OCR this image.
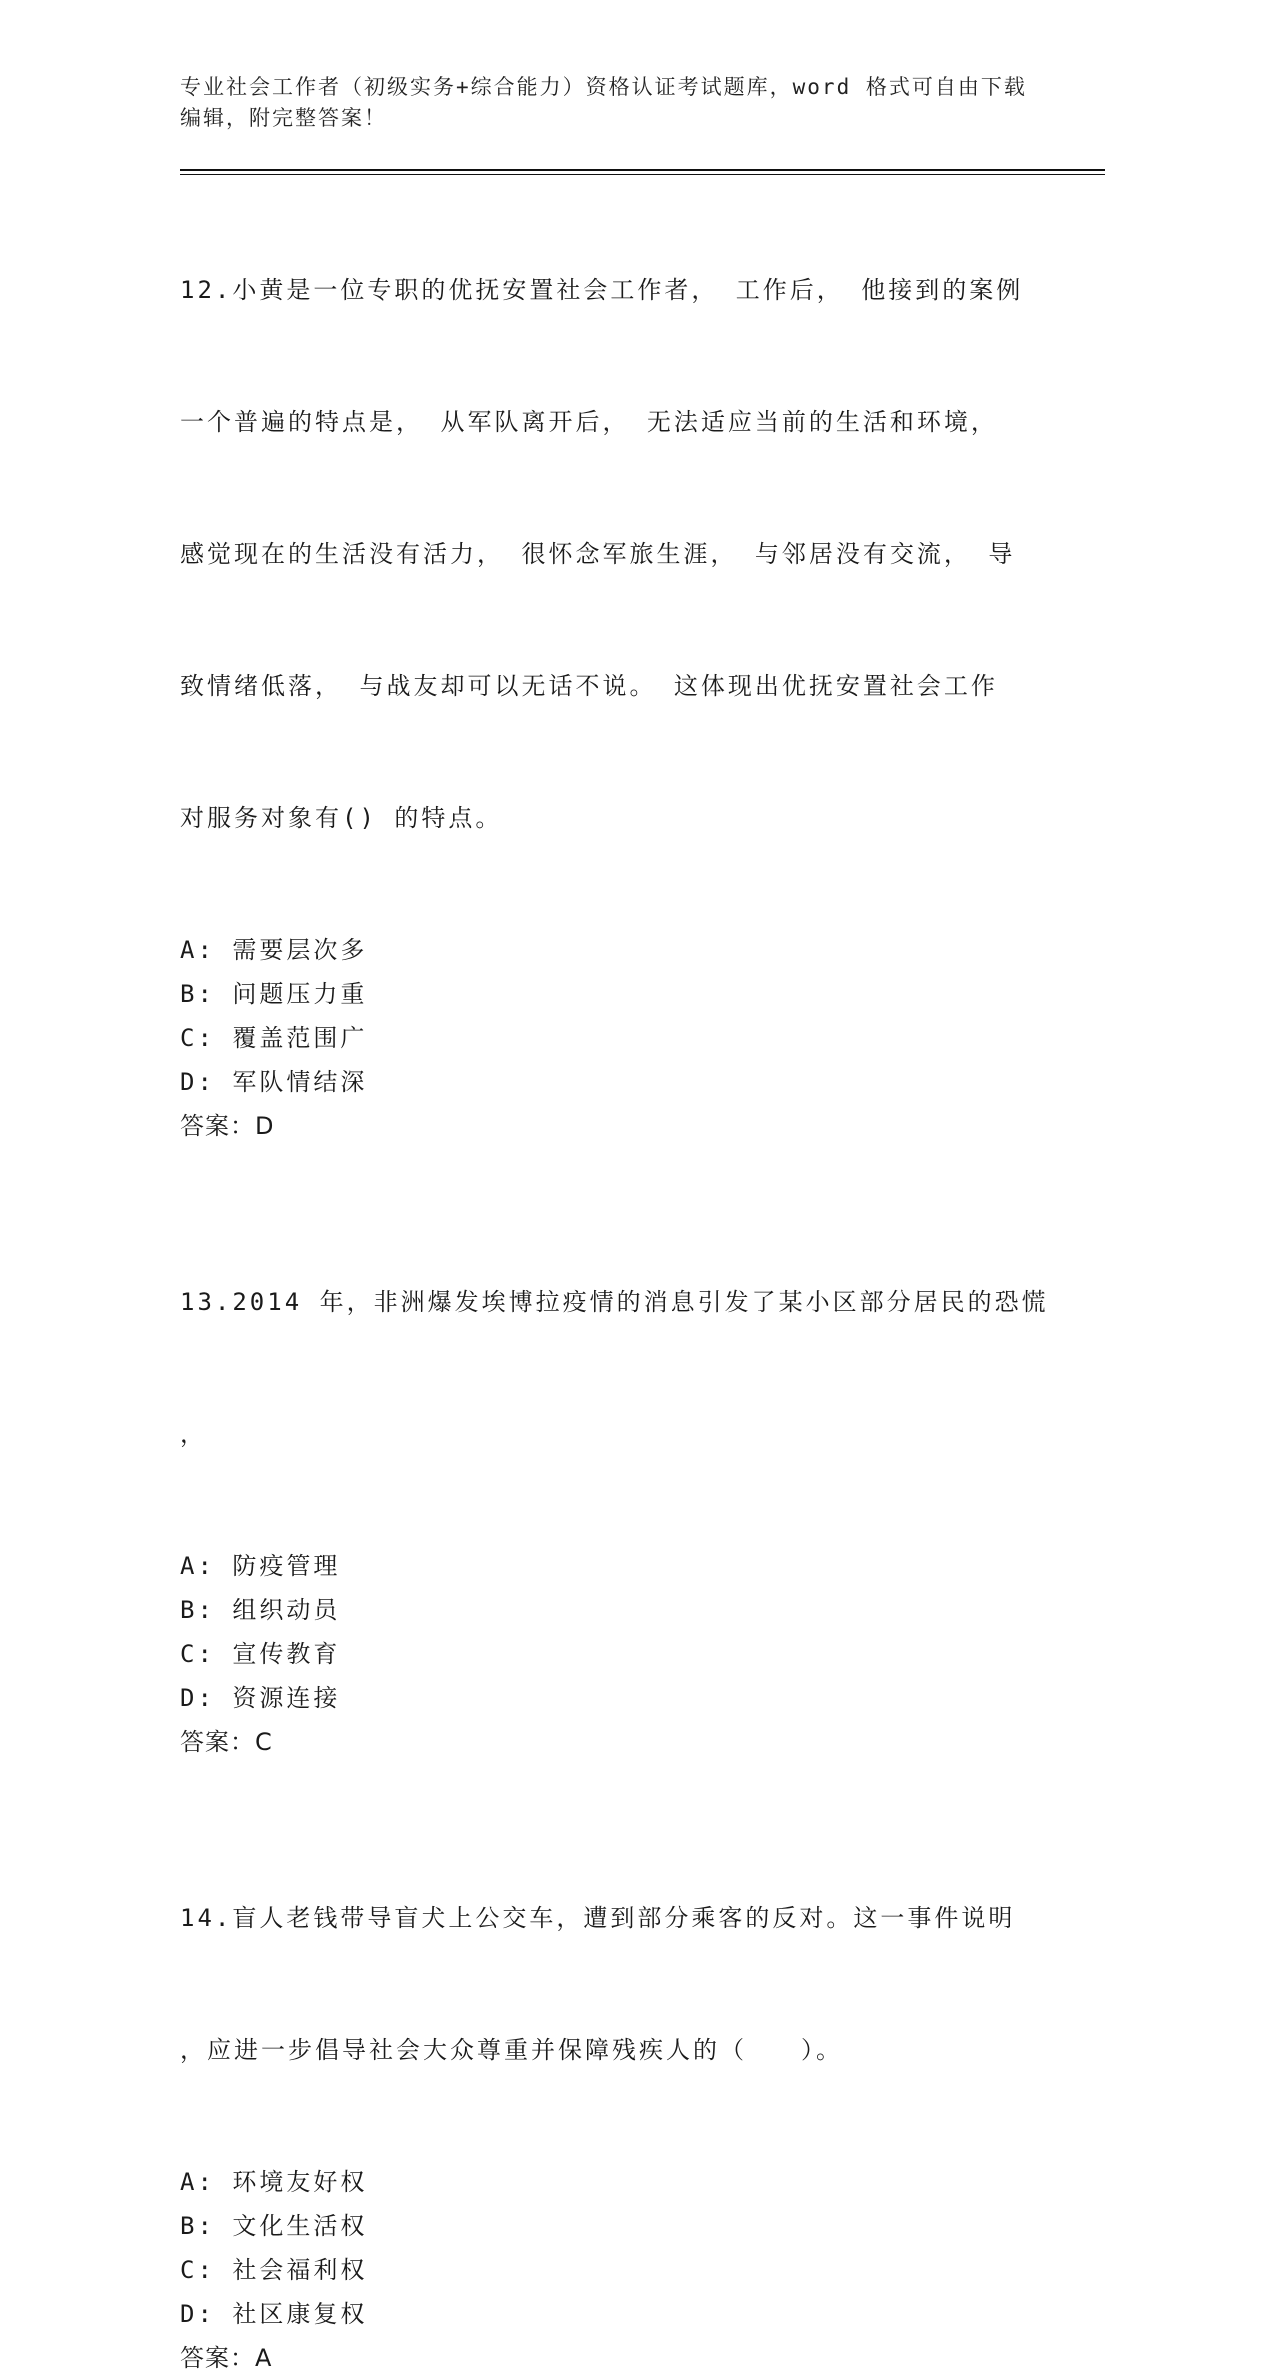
专业社会工作者（初级实务+综合能力）资格认证考试题库，word 格式可自由下载
编辑，附完整答案！

12.小黄是一位专职的优抚安置社会工作者， 工作后， 他接到的案例

一个普遍的特点是， 从军队离开后， 无法适应当前的生活和环境，

感觉现在的生活没有活力， 很怀念军旅生涯， 与邻居没有交流， 导

致情绪低落， 与战友却可以无话不说。 这体现出优抚安置社会工作

对服务对象有() 的特点。

A: 需要层次多
B: 问题压力重
C: 覆盖范围广
D: 军队情结深
答案：D

13.2014 年，非洲爆发埃博拉疫情的消息引发了某小区部分居民的恐慌

，

A: 防疫管理
B: 组织动员
C: 宣传教育
D: 资源连接
答案：C

14.盲人老钱带导盲犬上公交车，遭到部分乘客的反对。这一事件说明

，应进一步倡导社会大众尊重并保障残疾人的（　　）。

A: 环境友好权
B: 文化生活权
C: 社会福利权
D: 社区康复权
答案：A
